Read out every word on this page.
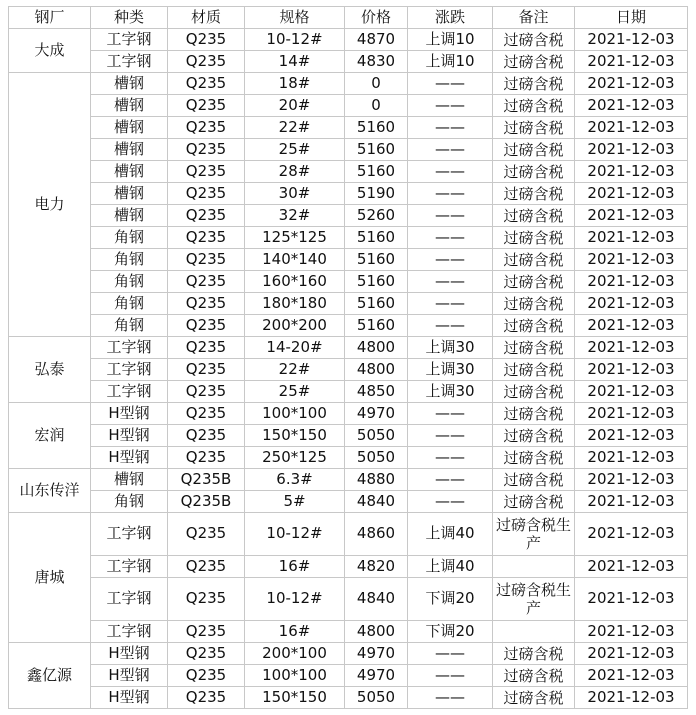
钢厂	种类	材质	规格	价格	涨跌	备注	日期
大成	工字钢	Q235	10-12#	4870	上调10	过磅含税	2021-12-03
	工字钢	Q235	14#	4830	上调10	过磅含税	2021-12-03
电力	槽钢	Q235	18#	0	——	过磅含税	2021-12-03
	槽钢	Q235	20#	0	——	过磅含税	2021-12-03
	槽钢	Q235	22#	5160	——	过磅含税	2021-12-03
	槽钢	Q235	25#	5160	——	过磅含税	2021-12-03
	槽钢	Q235	28#	5160	——	过磅含税	2021-12-03
	槽钢	Q235	30#	5190	——	过磅含税	2021-12-03
	槽钢	Q235	32#	5260	——	过磅含税	2021-12-03
	角钢	Q235	125*125	5160	——	过磅含税	2021-12-03
	角钢	Q235	140*140	5160	——	过磅含税	2021-12-03
	角钢	Q235	160*160	5160	——	过磅含税	2021-12-03
	角钢	Q235	180*180	5160	——	过磅含税	2021-12-03
	角钢	Q235	200*200	5160	——	过磅含税	2021-12-03
弘泰	工字钢	Q235	14-20#	4800	上调30	过磅含税	2021-12-03
	工字钢	Q235	22#	4800	上调30	过磅含税	2021-12-03
	工字钢	Q235	25#	4850	上调30	过磅含税	2021-12-03
宏润	H型钢	Q235	100*100	4970	——	过磅含税	2021-12-03
	H型钢	Q235	150*150	5050	——	过磅含税	2021-12-03
	H型钢	Q235	250*125	5050	——	过磅含税	2021-12-03
山东传洋	槽钢	Q235B	6.3#	4880	——	过磅含税	2021-12-03
	角钢	Q235B	5#	4840	——	过磅含税	2021-12-03
唐城	工字钢	Q235	10-12#	4860	上调40	过磅含税生产	2021-12-03
	工字钢	Q235	16#	4820	上调40		2021-12-03
	工字钢	Q235	10-12#	4840	下调20	过磅含税生产	2021-12-03
	工字钢	Q235	16#	4800	下调20		2021-12-03
鑫亿源	H型钢	Q235	200*100	4970	——	过磅含税	2021-12-03
	H型钢	Q235	100*100	4970	——	过磅含税	2021-12-03
	H型钢	Q235	150*150	5050	——	过磅含税	2021-12-03
